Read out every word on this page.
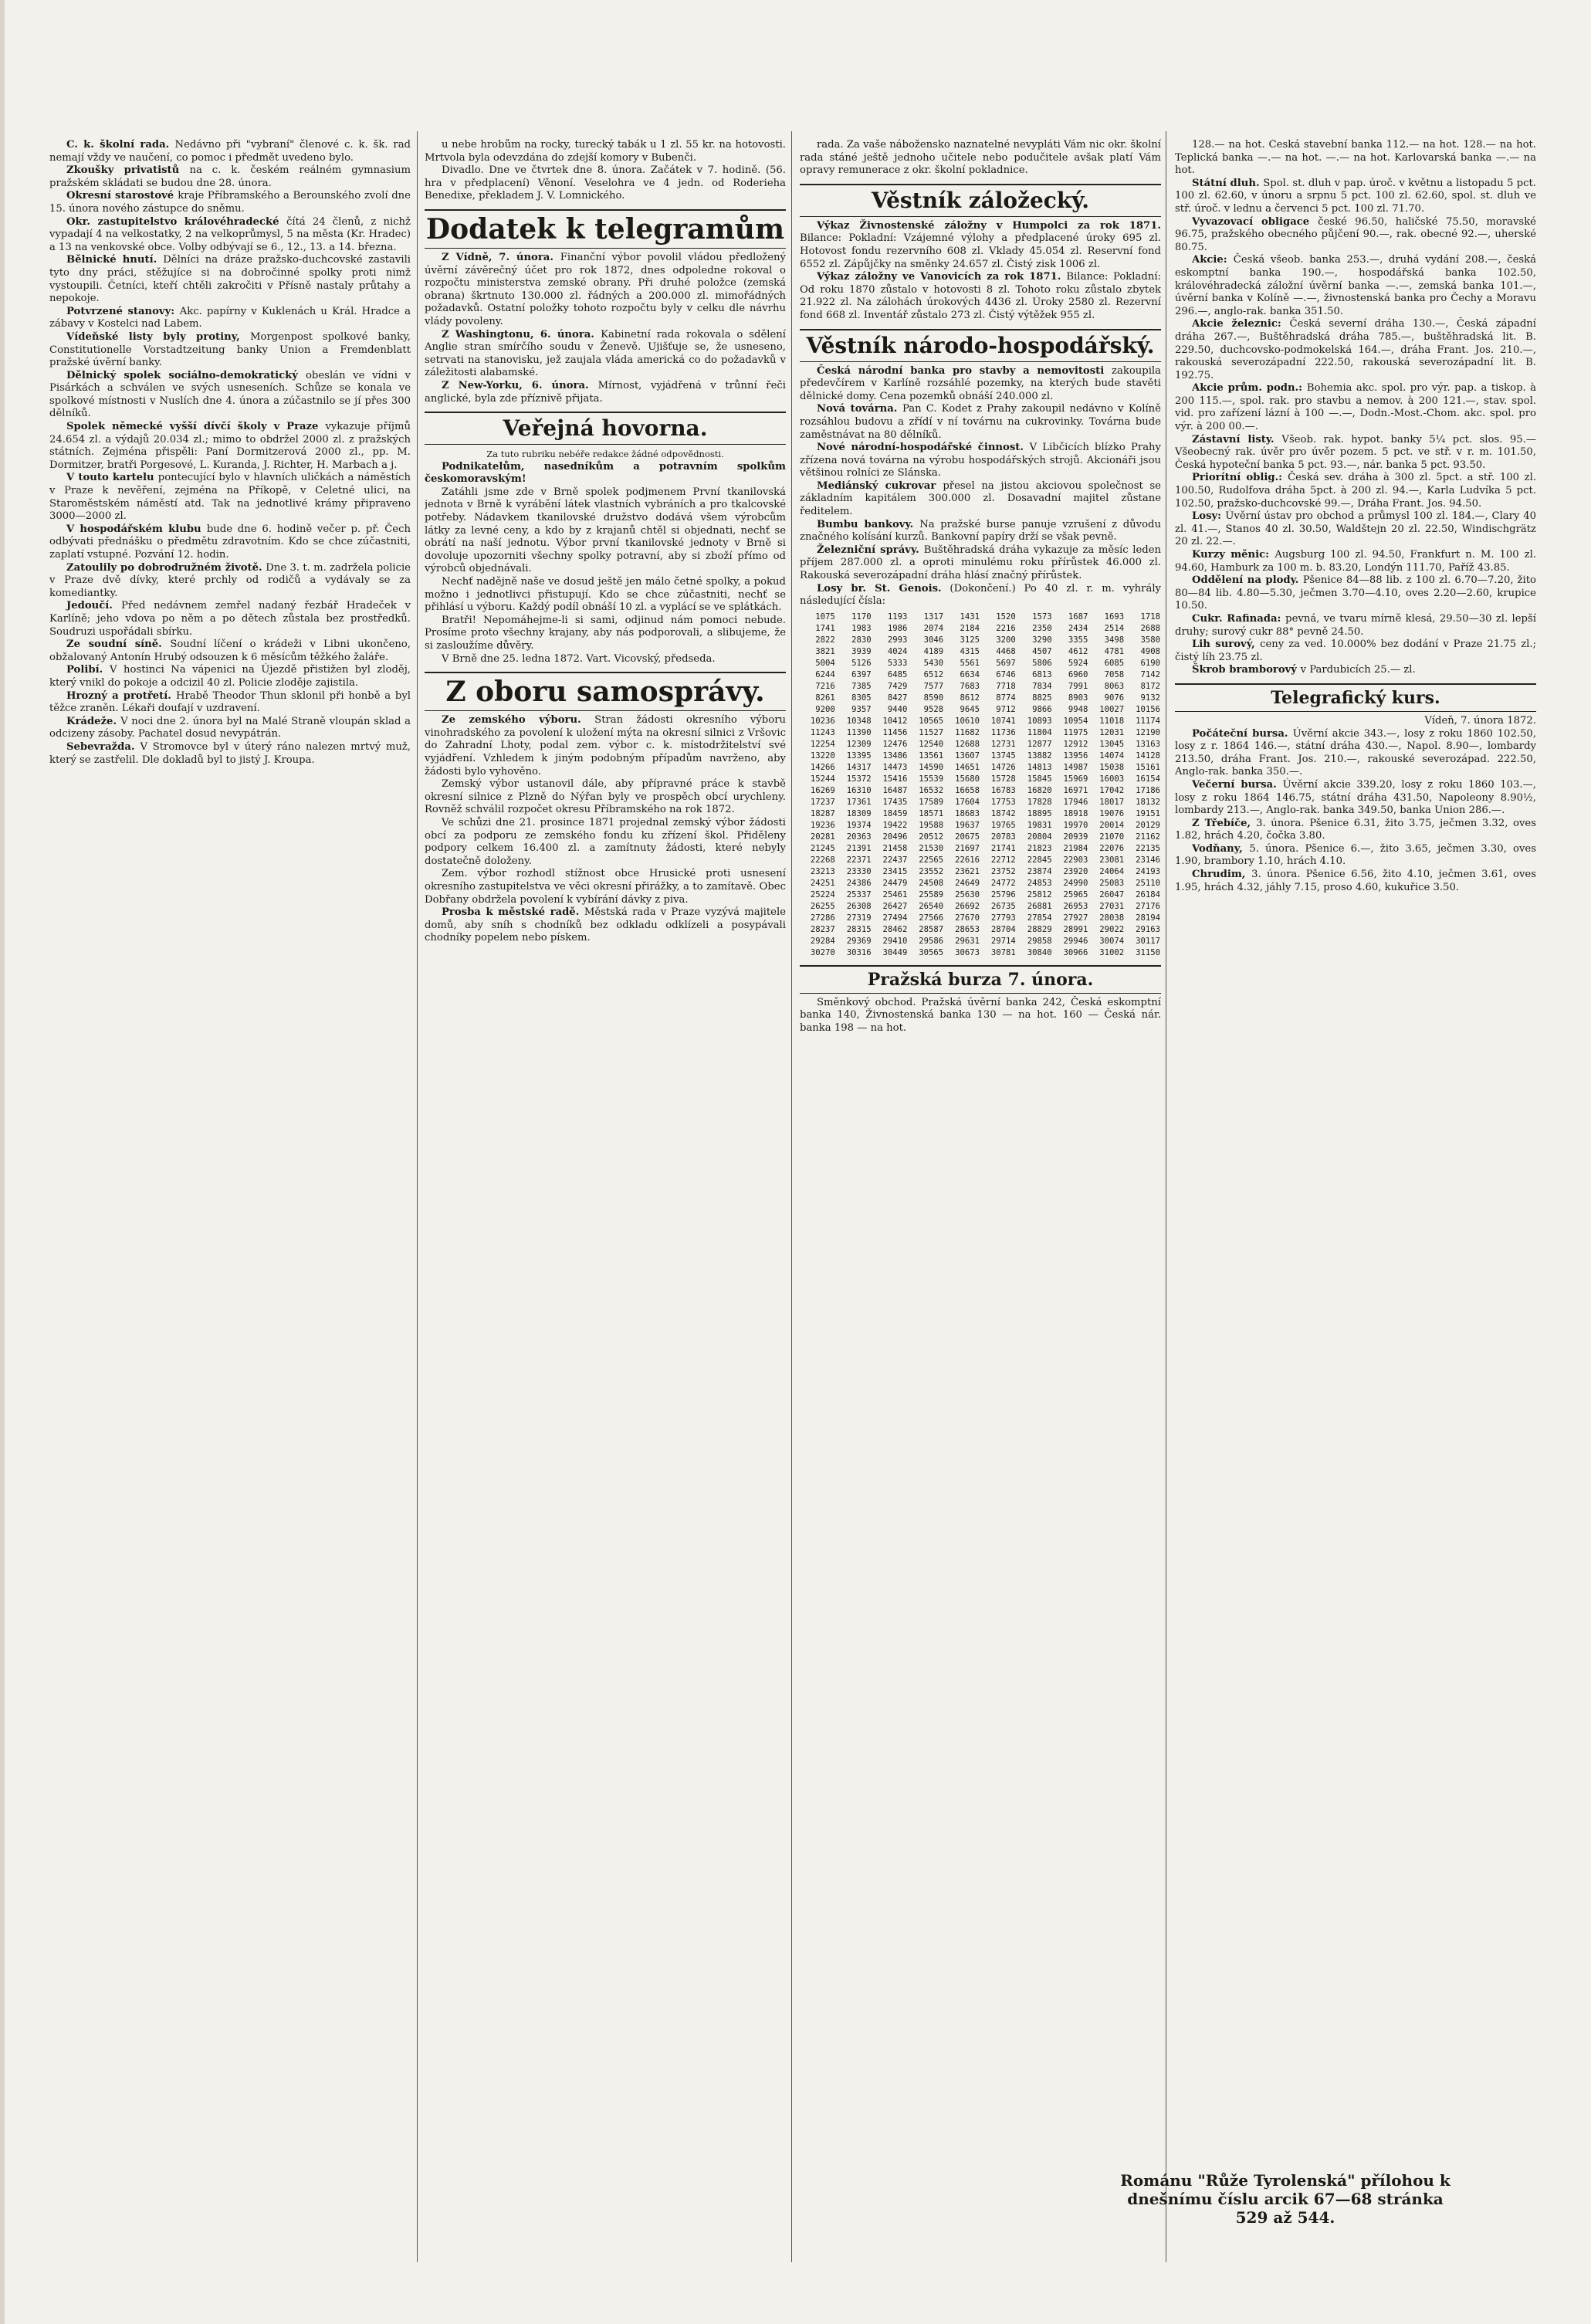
C. k. školní rada. Nedávno při "vybraní" členové c. k. šk. rad nemají vždy ve naučení, co pomoc i předmět uvedeno bylo.

Zkoušky privatistů na c. k. českém reálném gymnasium pražském skládati se budou dne 28. února.

Okresní starostové kraje Příbramského a Berounského zvolí dne 15. února nového zástupce do sněmu.

Okr. zastupitelstvo královéhradecké čítá 24 členů, z nichž vypadají 4 na velkostatky, 2 na velkoprůmysl, 5 na města (Kr. Hradec) a 13 na venkovské obce. Volby odbývají se 6., 12., 13. a 14. března.

Bělnické hnutí. Dělníci na dráze pražsko-duchcovské zastavili tyto dny práci, stěžujíce si na dobročinné spolky proti nimž vystoupili. Četníci, kteří chtěli zakročiti v Přísně nastaly průtahy a nepokoje.

Potvrzené stanovy: Akc. papírny v Kuklenách u Král. Hradce a zábavy v Kostelci nad Labem.

Vídeňské listy byly protiny, Morgenpost spolkové banky, Constitutionelle Vorstadtzeitung banky Union a Fremdenblatt pražské úvěrní banky.

Dělnický spolek sociálno-demokratický obeslán ve vídni v Pisárkách a schválen ve svých usneseních. Schůze se konala ve spolkové místnosti v Nuslích dne 4. února a zúčastnilo se jí přes 300 dělníků.

Spolek německé vyšší dívčí školy v Praze vykazuje příjmů 24.654 zl. a výdajů 20.034 zl.; mimo to obdržel 2000 zl. z pražských státních. Zejména přispěli: Paní Dormitzerová 2000 zl., pp. M. Dormitzer, bratři Porgesové, L. Kuranda, J. Richter, H. Marbach a j.

V touto kartelu pontecující bylo v hlavních uličkách a náměstích v Praze k nevěření, zejména na Příkopě, v Celetné ulici, na Staroměstském náměstí atd. Tak na jednotlivé krámy připraveno 3000—2000 zl.

V hospodářském klubu bude dne 6. hodině večer p. př. Čech odbývati přednášku o předmětu zdravotním. Kdo se chce zúčastniti, zaplatí vstupné. Pozvání 12. hodin.

Zatoulily po dobrodružném životě. Dne 3. t. m. zadržela policie v Praze dvě dívky, které prchly od rodičů a vydávaly se za komediantky.

Jedoučí. Před nedávnem zemřel nadaný řezbář Hradeček v Karlíně; jeho vdova po něm a po dětech zůstala bez prostředků. Soudruzi uspořádali sbírku.

Ze soudní síně. Soudní líčení o krádeži v Libni ukončeno, obžalovaný Antonín Hrubý odsouzen k 6 měsícům těžkého žaláře.

Polibí. V hostinci Na vápenici na Újezdě přistižen byl zloděj, který vnikl do pokoje a odcizil 40 zl. Policie zloděje zajistila.

Hrozný a protřetí. Hrabě Theodor Thun sklonil při honbě a byl těžce zraněn. Lékaři doufají v uzdravení.

Krádeže. V noci dne 2. února byl na Malé Straně vloupán sklad a odcizeny zásoby. Pachatel dosud nevypátrán.

Sebevražda. V Stromovce byl v úterý ráno nalezen mrtvý muž, který se zastřelil. Dle dokladů byl to jistý J. Kroupa.

u nebe hrobům na rocky, turecký tabák u 1 zl. 55 kr. na hotovosti. Mrtvola byla odevzdána do zdejší komory v Bubenči.

Divadlo. Dne ve čtvrtek dne 8. února. Začátek v 7. hodině. (56. hra v předplacení) Věnoní. Veselohra ve 4 jedn. od Roderieha Benedixe, překladem J. V. Lomnického.

Dodatek k telegramům

Z Vídně, 7. února. Finanční výbor povolil vládou předložený úvěrní závěrečný účet pro rok 1872, dnes odpoledne rokoval o rozpočtu ministerstva zemské obrany. Při druhé položce (zemská obrana) škrtnuto 130.000 zl. řádných a 200.000 zl. mimořádných požadavků. Ostatní položky tohoto rozpočtu byly v celku dle návrhu vlády povoleny.

Z Washingtonu, 6. února. Kabinetní rada rokovala o sdělení Anglie stran smírčího soudu v Ženevě. Ujišťuje se, že usneseno, setrvati na stanovisku, jež zaujala vláda americká co do požadavků v záležitosti alabamské.

Z New-Yorku, 6. února. Mírnost, vyjádřená v trůnní řeči anglické, byla zde příznivě přijata.

Veřejná hovorna.

Za tuto rubriku nebéře redakce žádné odpovědnosti.

Podnikatelům, nasedníkům a potravním spolkům českomoravským!

Zatáhli jsme zde v Brně spolek podjmenem První tkanilovská jednota v Brně k vyrábění látek vlastních vybráních a pro tkalcovské potřeby. Nádavkem tkanilovské družstvo dodává všem výrobcům látky za levné ceny, a kdo by z krajanů chtěl si objednati, nechť se obrátí na naší jednotu. Výbor první tkanilovské jednoty v Brně si dovoluje upozorniti všechny spolky potravní, aby si zboží přímo od výrobců objednávali.

Nechť nadějně naše ve dosud ještě jen málo četné spolky, a pokud možno i jednotlivci přistupují. Kdo se chce zúčastniti, nechť se přihlásí u výboru. Každý podíl obnáší 10 zl. a vyplácí se ve splátkách.

Bratři! Nepomáhejme-li si sami, odjinud nám pomoci nebude. Prosíme proto všechny krajany, aby nás podporovali, a slibujeme, že si zasloužíme důvěry.

V Brně dne 25. ledna 1872. Vart. Vicovský, předseda.

Z oboru samosprávy.

Ze zemského výboru. Stran žádosti okresního výboru vinohradského za povolení k uložení mýta na okresní silnici z Vršovic do Zahradní Lhoty, podal zem. výbor c. k. místodržitelství své vyjádření. Vzhledem k jiným podobným případům navrženo, aby žádosti bylo vyhověno.

Zemský výbor ustanovil dále, aby přípravné práce k stavbě okresní silnice z Plzně do Nýřan byly ve prospěch obcí urychleny. Rovněž schválil rozpočet okresu Příbramského na rok 1872.

Ve schůzi dne 21. prosince 1871 projednal zemský výbor žádosti obcí za podporu ze zemského fondu ku zřízení škol. Přiděleny podpory celkem 16.400 zl. a zamítnuty žádosti, které nebyly dostatečně doloženy.

Zem. výbor rozhodl stížnost obce Hrusické proti usnesení okresního zastupitelstva ve věci okresní přirážky, a to zamítavě. Obec Dobřany obdržela povolení k vybírání dávky z piva.

Prosba k městské radě. Městská rada v Praze vyzývá majitele domů, aby sníh s chodníků bez odkladu odklízeli a posypávali chodníky popelem nebo pískem.

rada. Za vaše nábožensko naznatelné nevypláti Vám nic okr. školní rada stáné ještě jednoho učitele nebo podučitele avšak platí Vám opravy remunerace z okr. školní pokladnice.

Věstník záložecký.

Výkaz Živnostenské záložny v Humpolci za rok 1871. Bilance: Pokladní: Vzájemné výlohy a předplacené úroky 695 zl. Hotovost fondu rezervního 608 zl. Vklady 45.054 zl. Reservní fond 6552 zl. Zápůjčky na směnky 24.657 zl. Čistý zisk 1006 zl.

Výkaz záložny ve Vanovicích za rok 1871. Bilance: Pokladní: Od roku 1870 zůstalo v hotovosti 8 zl. Tohoto roku zůstalo zbytek 21.922 zl. Na zálohách úrokových 4436 zl. Úroky 2580 zl. Rezervní fond 668 zl. Inventář zůstalo 273 zl. Čistý výtěžek 955 zl.

Věstník národo-hospodářský.

Česká národní banka pro stavby a nemovitosti zakoupila předevčírem v Karlíně rozsáhlé pozemky, na kterých bude stavěti dělnické domy. Cena pozemků obnáší 240.000 zl.

Nová továrna. Pan C. Kodet z Prahy zakoupil nedávno v Kolíně rozsáhlou budovu a zřídí v ní továrnu na cukrovinky. Továrna bude zaměstnávat na 80 dělníků.

Nové národní-hospodářské činnost. V Libčicích blízko Prahy zřízena nová továrna na výrobu hospodářských strojů. Akcionáři jsou většinou rolníci ze Slánska.

Mediánský cukrovar přesel na jistou akciovou společnost se základním kapitálem 300.000 zl. Dosavadní majitel zůstane ředitelem.

Bumbu bankovy. Na pražské burse panuje vzrušení z důvodu značného kolísání kurzů. Bankovní papíry drží se však pevně.

Železniční správy. Buštěhradská dráha vykazuje za měsíc leden příjem 287.000 zl. a oproti minulému roku přírůstek 46.000 zl. Rakouská severozápadní dráha hlásí značný přírůstek.

Losy br. St. Genois. (Dokončení.) Po 40 zl. r. m. vyhrály následující čísla:

1075	1170	1193	1317	1431	1520	1573	1687	1693	1718
1741	1983	1986	2074	2184	2216	2350	2434	2514	2688
2822	2830	2993	3046	3125	3200	3290	3355	3498	3580
3821	3939	4024	4189	4315	4468	4507	4612	4781	4908
5004	5126	5333	5430	5561	5697	5806	5924	6085	6190
6244	6397	6485	6512	6634	6746	6813	6960	7058	7142
7216	7385	7429	7577	7683	7718	7834	7991	8063	8172
8261	8305	8427	8590	8612	8774	8825	8903	9076	9132
9200	9357	9440	9528	9645	9712	9866	9948	10027	10156
10236	10348	10412	10565	10610	10741	10893	10954	11018	11174
11243	11390	11456	11527	11682	11736	11804	11975	12031	12190
12254	12309	12476	12540	12688	12731	12877	12912	13045	13163
13220	13395	13486	13561	13607	13745	13882	13956	14074	14128
14266	14317	14473	14590	14651	14726	14813	14987	15038	15161
15244	15372	15416	15539	15680	15728	15845	15969	16003	16154
16269	16310	16487	16532	16658	16783	16820	16971	17042	17186
17237	17361	17435	17589	17604	17753	17828	17946	18017	18132
18287	18309	18459	18571	18683	18742	18895	18918	19076	19151
19236	19374	19422	19588	19637	19765	19831	19970	20014	20129
20281	20363	20496	20512	20675	20783	20804	20939	21070	21162
21245	21391	21458	21530	21697	21741	21823	21984	22076	22135
22268	22371	22437	22565	22616	22712	22845	22903	23081	23146
23213	23330	23415	23552	23621	23752	23874	23920	24064	24193
24251	24386	24479	24508	24649	24772	24853	24990	25083	25110
25224	25337	25461	25589	25630	25796	25812	25965	26047	26184
26255	26308	26427	26540	26692	26735	26881	26953	27031	27176
27286	27319	27494	27566	27670	27793	27854	27927	28038	28194
28237	28315	28462	28587	28653	28704	28829	28991	29022	29163
29284	29369	29410	29586	29631	29714	29858	29946	30074	30117
30270	30316	30449	30565	30673	30781	30840	30966	31002	31150
Pražská burza 7. února.

Směnkový obchod. Pražská úvěrní banka 242, Česká eskomptní banka 140, Živnostenská banka 130 — na hot. 160 — Česká nár. banka 198 — na hot.

128.— na hot. Česká stavební banka 112.— na hot. 128.— na hot. Teplická banka —.— na hot. —.— na hot. Karlovarská banka —.— na hot.

Státní dluh. Spol. st. dluh v pap. úroč. v květnu a listopadu 5 pct. 100 zl. 62.60, v únoru a srpnu 5 pct. 100 zl. 62.60, spol. st. dluh ve stř. úroč. v lednu a červenci 5 pct. 100 zl. 71.70.

Vyvazovací obligace české 96.50, haličské 75.50, moravské 96.75, pražského obecného půjčení 90.—, rak. obecné 92.—, uherské 80.75.

Akcie: Česká všeob. banka 253.—, druhá vydání 208.—, česká eskomptní banka 190.—, hospodářská banka 102.50, královéhradecká záložní úvěrní banka —.—, zemská banka 101.—, úvěrní banka v Kolíně —.—, živnostenská banka pro Čechy a Moravu 296.—, anglo-rak. banka 351.50.

Akcie železnic: Česká severní dráha 130.—, Česká západní dráha 267.—, Buštěhradská dráha 785.—, buštěhradská lit. B. 229.50, duchcovsko-podmokelská 164.—, dráha Frant. Jos. 210.—, rakouská severozápadní 222.50, rakouská severozápadní lit. B. 192.75.

Akcie prům. podn.: Bohemia akc. spol. pro výr. pap. a tiskop. à 200 115.—, spol. rak. pro stavbu a nemov. à 200 121.—, stav. spol. vid. pro zařízení lázní à 100 —.—, Dodn.-Most.-Chom. akc. spol. pro výr. à 200 00.—.

Zástavní listy. Všeob. rak. hypot. banky 5¼ pct. slos. 95.— Všeobecný rak. úvěr pro úvěr pozem. 5 pct. ve stř. v r. m. 101.50, Česká hypoteční banka 5 pct. 93.—, nár. banka 5 pct. 93.50.

Priorítní oblig.: Česká sev. dráha à 300 zl. 5pct. a stř. 100 zl. 100.50, Rudolfova dráha 5pct. à 200 zl. 94.—, Karla Ludvíka 5 pct. 102.50, pražsko-duchcovské 99.—, Dráha Frant. Jos. 94.50.

Losy: Úvěrní ústav pro obchod a průmysl 100 zl. 184.—, Clary 40 zl. 41.—, Stanos 40 zl. 30.50, Waldštejn 20 zl. 22.50, Windischgrätz 20 zl. 22.—.

Kurzy měnic: Augsburg 100 zl. 94.50, Frankfurt n. M. 100 zl. 94.60, Hamburk za 100 m. b. 83.20, Londýn 111.70, Paříž 43.85.

Oddělení na plody. Pšenice 84—88 lib. z 100 zl. 6.70—7.20, žito 80—84 lib. 4.80—5.30, ječmen 3.70—4.10, oves 2.20—2.60, krupice 10.50.

Cukr. Rafinada: pevná, ve tvaru mírně klesá, 29.50—30 zl. lepší druhy; surový cukr 88° pevně 24.50.

Lih surový, ceny za ved. 10.000% bez dodání v Praze 21.75 zl.; čistý líh 23.75 zl.

Škrob bramborový v Pardubicích 25.— zl.

Telegrafický kurs.

Vídeň, 7. února 1872.

Počáteční bursa. Úvěrní akcie 343.—, losy z roku 1860 102.50, losy z r. 1864 146.—, státní dráha 430.—, Napol. 8.90—, lombardy 213.50, dráha Frant. Jos. 210.—, rakouské severozápad. 222.50, Anglo-rak. banka 350.—.

Večerní bursa. Úvěrní akcie 339.20, losy z roku 1860 103.—, losy z roku 1864 146.75, státní dráha 431.50, Napoleony 8.90½, lombardy 213.—, Anglo-rak. banka 349.50, banka Union 286.—.

Z Třebíče, 3. února. Pšenice 6.31, žito 3.75, ječmen 3.32, oves 1.82, hrách 4.20, čočka 3.80.

Vodňany, 5. února. Pšenice 6.—, žito 3.65, ječmen 3.30, oves 1.90, brambory 1.10, hrách 4.10.

Chrudim, 3. února. Pšenice 6.56, žito 4.10, ječmen 3.61, oves 1.95, hrách 4.32, jáhly 7.15, proso 4.60, kukuřice 3.50.

Románu "Růže Tyrolenská" přílohou k dnešnímu číslu arcik 67—68 stránka 529 až 544.
